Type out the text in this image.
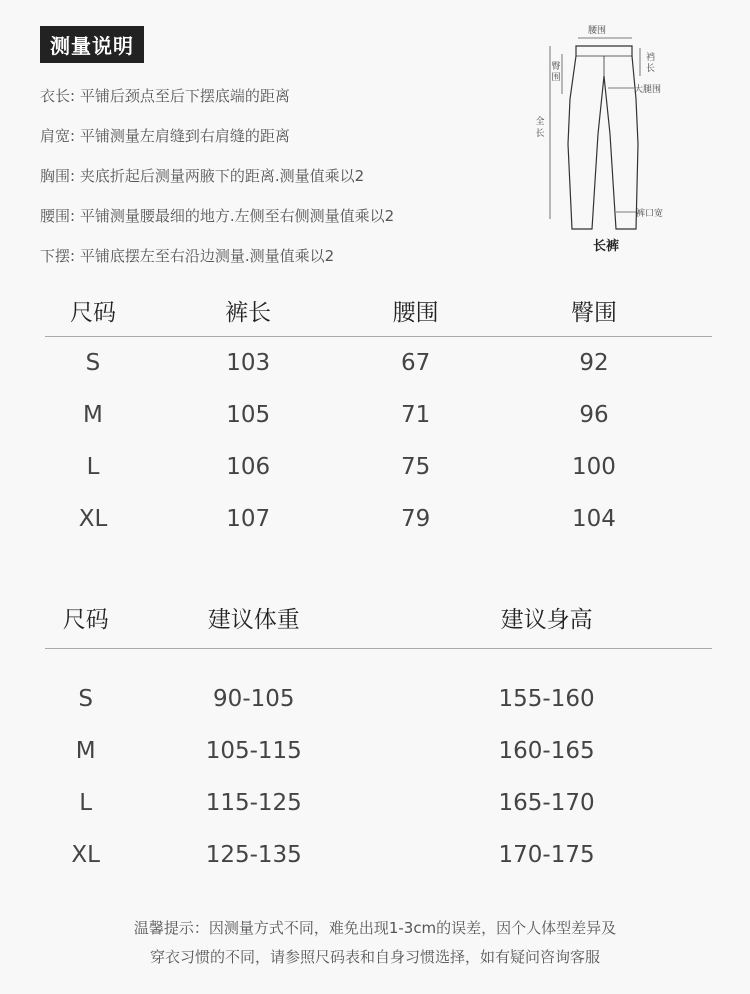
测量说明
衣长: 平铺后颈点至后下摆底端的距离
肩宽: 平铺测量左肩缝到右肩缝的距离
胸围: 夹底折起后测量两腋下的距离.测量值乘以2
腰围: 平铺测量腰最细的地方.左侧至右侧测量值乘以2
下摆: 平铺底摆左至右沿边测量.测量值乘以2
腰围
裆
长
臀
围
全
长
大腿围
裤口宽
长裤
尺码	裤长	腰围	臀围
S	103	67	92
M	105	71	96
L	106	75	100
XL	107	79	104
尺码	建议体重	建议身高

S	90-105	155-160
M	105-115	160-165
L	115-125	165-170
XL	125-135	170-175
温馨提示：因测量方式不同，难免出现1-3cm的误差，因个人体型差异及
穿衣习惯的不同，请参照尺码表和自身习惯选择，如有疑问咨询客服
